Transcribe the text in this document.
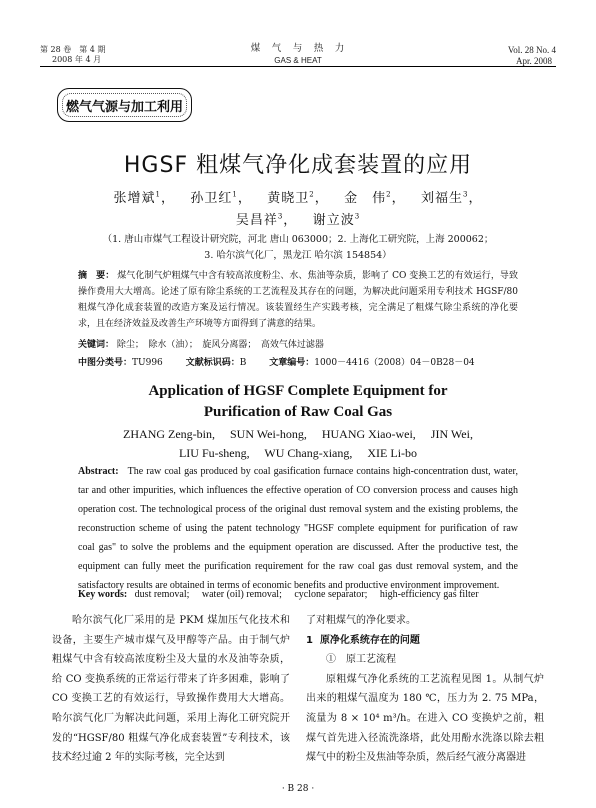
第 28 卷　第 4 期
2008 年 4 月
煤　气　与　热　力
GAS & HEAT
Vol. 28 No. 4
Apr. 2008
燃气气源与加工利用
HGSF 粗煤气净化成套装置的应用
张增斌$^1$，   孙卫红$^1$，   黄晓卫$^2$，   金　伟$^2$，   刘福生$^3$，
吴昌祥$^3$，   谢立波$^3$
（1. 唐山市煤气工程设计研究院，河北 唐山 063000；2. 上海化工研究院，上海 200062；
3. 哈尔滨气化厂，黑龙江 哈尔滨 154854）
摘　要： 煤气化制气炉粗煤气中含有较高浓度粉尘、水、焦油等杂质，影响了 CO 变换工艺的有效运行，导致操作费用大大增高。论述了原有除尘系统的工艺流程及其存在的问题，为解决此问题采用专利技术 HGSF/80 粗煤气净化成套装置的改造方案及运行情况。该装置经生产实践考核，完全满足了粗煤气除尘系统的净化要求，且在经济效益及改善生产环境等方面得到了满意的结果。
关键词： 除尘；　除水（油）；　旋风分离器；　高效气体过滤器
中图分类号：TU996	文献标识码：B	文章编号：1000－4416（2008）04－0B28－04
Application of HGSF Complete Equipment for
Purification of Raw Coal Gas
ZHANG Zeng-bin,　 SUN Wei-hong,　 HUANG Xiao-wei,　 JIN Wei,
LIU Fu-sheng,　 WU Chang-xiang,　 XIE Li-bo
Abstract: The raw coal gas produced by coal gasification furnace contains high-concentration dust, water, tar and other impurities, which influences the effective operation of CO conversion process and causes high operation cost. The technological process of the original dust removal system and the existing problems, the reconstruction scheme of using the patent technology "HGSF complete equipment for purification of raw coal gas" to solve the problems and the equipment operation are discussed. After the productive test, the equipment can fully meet the purification requirement for the raw coal gas dust removal system, and the satisfactory results are obtained in terms of economic benefits and productive environment improvement.
Key words: dust removal;　 water (oil) removal;　 cyclone separator;　 high-efficiency gas filter
哈尔滨气化厂采用的是 PKM 煤加压气化技术和设备，主要生产城市煤气及甲醇等产品。由于制气炉粗煤气中含有较高浓度粉尘及大量的水及油等杂质，给 CO 变换系统的正常运行带来了许多困难，影响了 CO 变换工艺的有效运行，导致操作费用大大增高。哈尔滨气化厂为解决此问题，采用上海化工研究院开发的“HGSF/80 粗煤气净化成套装置”专利技术，该技术经过逾 2 年的实际考核，完全达到
了对粗煤气的净化要求。
1 原净化系统存在的问题
①　原工艺流程
原粗煤气净化系统的工艺流程见图 1。从制气炉出来的粗煤气温度为 180 ℃，压力为 2. 75 MPa，流量为 8 × 10⁴ m³/h。在进入 CO 变换炉之前，粗煤气首先进入径流洗涤塔，此处用酚水洗涤以除去粗煤气中的粉尘及焦油等杂质，然后经气液分离器进
· B 28 ·
